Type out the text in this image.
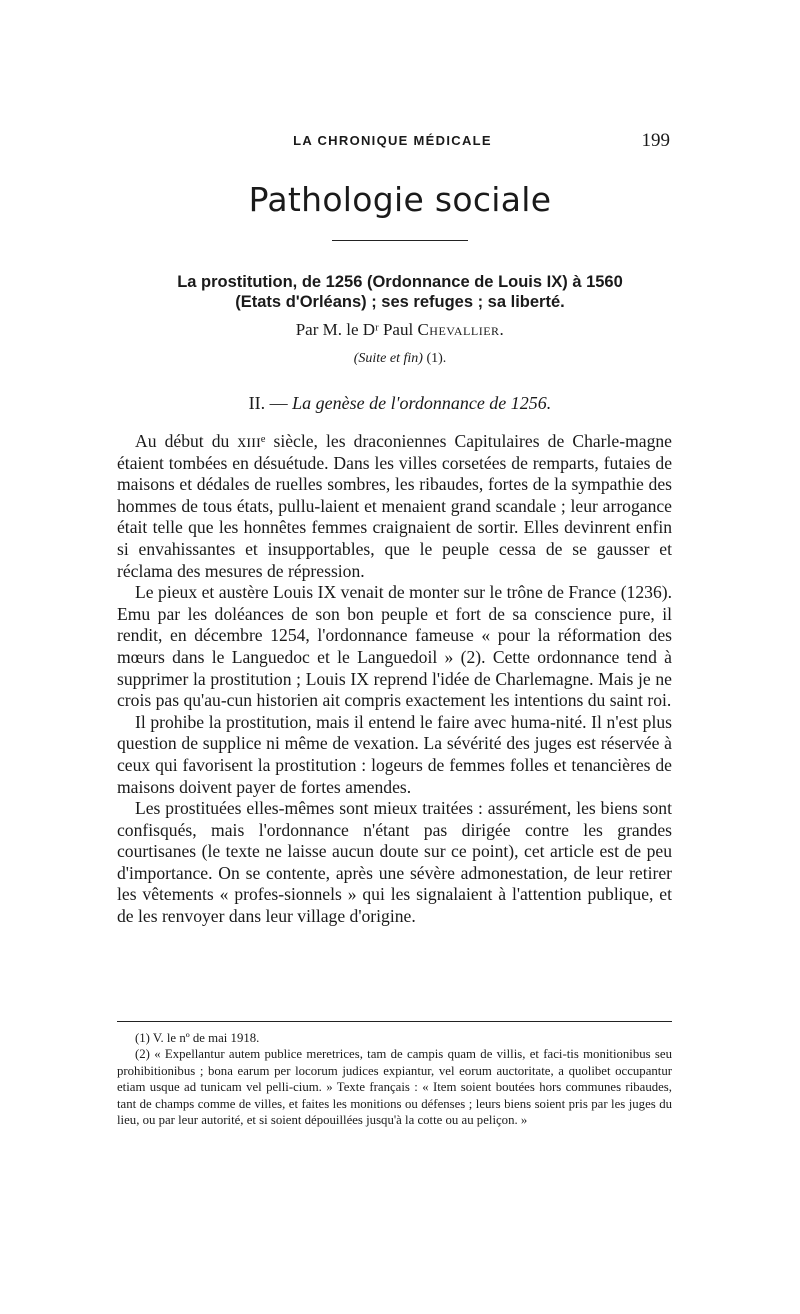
LA CHRONIQUE MÉDICALE	199
Pathologie sociale
La prostitution, de 1256 (Ordonnance de Louis IX) à 1560
(Etats d'Orléans) ; ses refuges ; sa liberté.
Par M. le Dʳ Paul Chevallier.
(Suite et fin) (1).
II. — La genèse de l'ordonnance de 1256.

Au début du xɪɪɪᵉ siècle, les draconiennes Capitulaires de Charle-magne étaient tombées en désuétude. Dans les villes corsetées de remparts, futaies de maisons et dédales de ruelles sombres, les ribaudes, fortes de la sympathie des hommes de tous états, pullu-laient et menaient grand scandale ; leur arrogance était telle que les honnêtes femmes craignaient de sortir. Elles devinrent enfin si envahissantes et insupportables, que le peuple cessa de se gausser et réclama des mesures de répression.

Le pieux et austère Louis IX venait de monter sur le trône de France (1236). Emu par les doléances de son bon peuple et fort de sa conscience pure, il rendit, en décembre 1254, l'ordonnance fameuse « pour la réformation des mœurs dans le Languedoc et le Languedoil » (2). Cette ordonnance tend à supprimer la prostitution ; Louis IX reprend l'idée de Charlemagne. Mais je ne crois pas qu'au-cun historien ait compris exactement les intentions du saint roi.

Il prohibe la prostitution, mais il entend le faire avec huma-nité. Il n'est plus question de supplice ni même de vexation. La sévérité des juges est réservée à ceux qui favorisent la prostitution : logeurs de femmes folles et tenancières de maisons doivent payer de fortes amendes.

Les prostituées elles-mêmes sont mieux traitées : assurément, les biens sont confisqués, mais l'ordonnance n'étant pas dirigée contre les grandes courtisanes (le texte ne laisse aucun doute sur ce point), cet article est de peu d'importance. On se contente, après une sévère admonestation, de leur retirer les vêtements « profes-sionnels » qui les signalaient à l'attention publique, et de les renvoyer dans leur village d'origine.

(1) V. le nº de mai 1918.

(2) « Expellantur autem publice meretrices, tam de campis quam de villis, et faci-tis monitionibus seu prohibitionibus ; bona earum per locorum judices expiantur, vel eorum auctoritate, a quolibet occupantur etiam usque ad tunicam vel pelli-cium. » Texte français : « Item soient boutées hors communes ribaudes, tant de champs comme de villes, et faites les monitions ou défenses ; leurs biens soient pris par les juges du lieu, ou par leur autorité, et si soient dépouillées jusqu'à la cotte ou au peliçon. »
